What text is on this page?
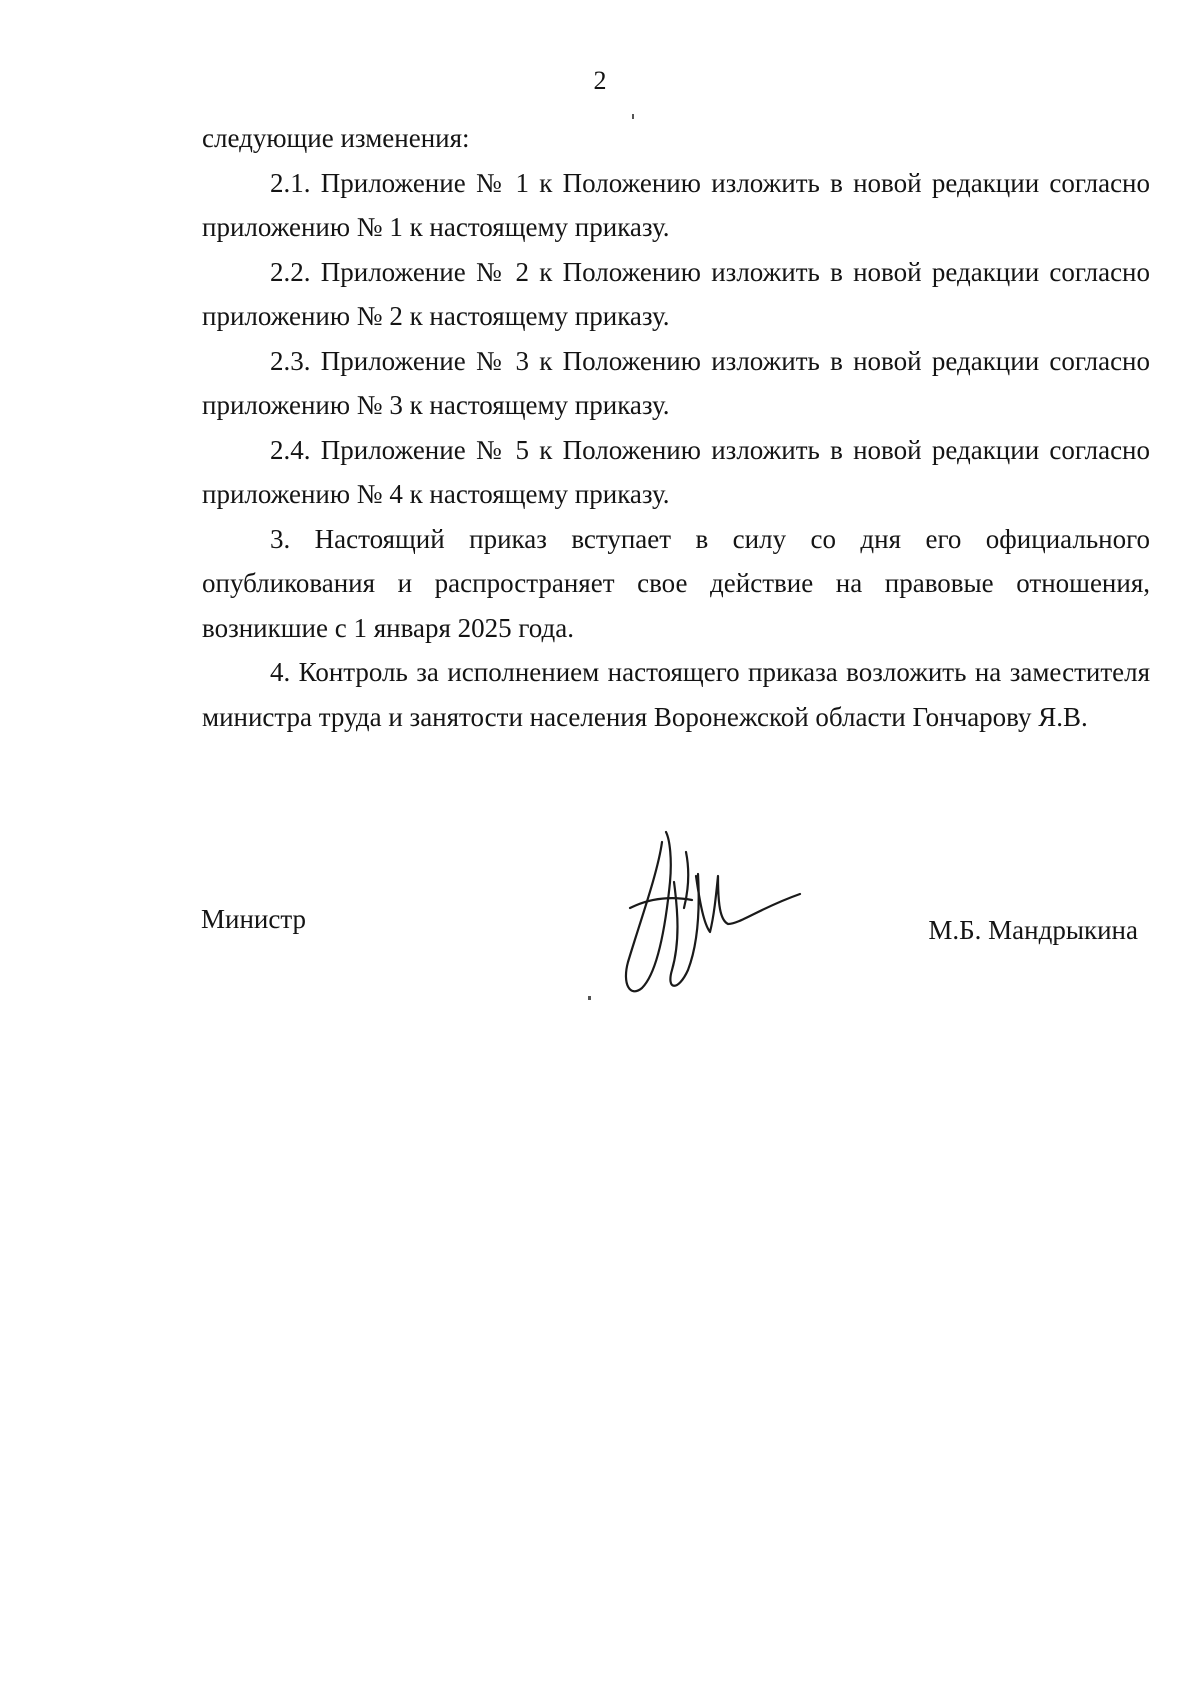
2

следующие изменения:

2.1. Приложение № 1 к Положению изложить в новой редакции согласно приложению № 1 к настоящему приказу.

2.2. Приложение № 2 к Положению изложить в новой редакции согласно приложению № 2 к настоящему приказу.

2.3. Приложение № 3 к Положению изложить в новой редакции согласно приложению № 3 к настоящему приказу.

2.4. Приложение № 5 к Положению изложить в новой редакции согласно приложению № 4 к настоящему приказу.

3. Настоящий приказ вступает в силу со дня его официального опубликования и распространяет свое действие на правовые отношения, возникшие с 1 января 2025 года.

4. Контроль за исполнением настоящего приказа возложить на заместителя министра труда и занятости населения Воронежской области Гончарову Я.В.

Министр	М.Б. Мандрыкина
